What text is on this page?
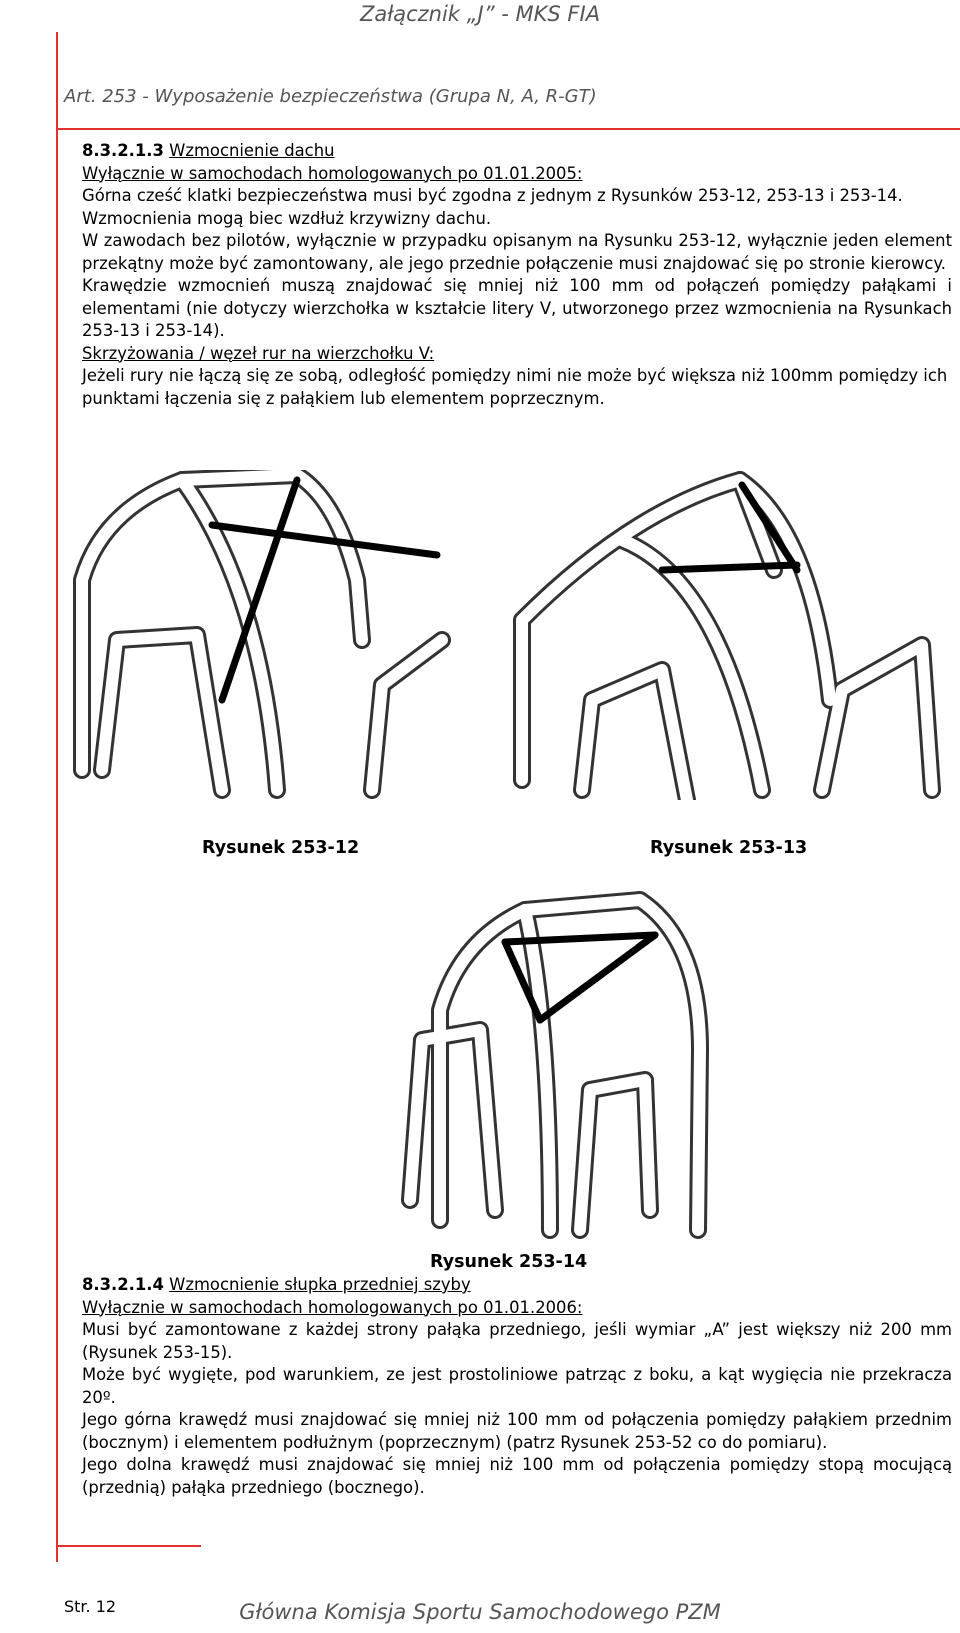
Załącznik „J” - MKS FIA
Art. 253 - Wyposażenie bezpieczeństwa (Grupa N, A, R-GT)

8.3.2.1.3 Wzmocnienie dachu

Wyłącznie w samochodach homologowanych po 01.01.2005:

Górna cześć klatki bezpieczeństwa musi być zgodna z jednym z Rysunków 253-12, 253-13 i 253-14.

Wzmocnienia mogą biec wzdłuż krzywizny dachu.

W zawodach bez pilotów, wyłącznie w przypadku opisanym na Rysunku 253-12, wyłącznie jeden element przekątny może być zamontowany, ale jego przednie połączenie musi znajdować się po stronie kierowcy.

Krawędzie wzmocnień muszą znajdować się mniej niż 100 mm od połączeń pomiędzy pałąkami i elementami (nie dotyczy wierzchołka w kształcie litery V, utworzonego przez wzmocnienia na Rysunkach 253-13 i 253-14).

Skrzyżowania / węzeł rur na wierzchołku V:

Jeżeli rury nie łączą się ze sobą, odległość pomiędzy nimi nie może być większa niż 100mm pomiędzy ich punktami łączenia się z pałąkiem lub elementem poprzecznym.

Rysunek 253-12	Rysunek 253-13
Rysunek 253-14

8.3.2.1.4 Wzmocnienie słupka przedniej szyby

Wyłącznie w samochodach homologowanych po 01.01.2006:

Musi być zamontowane z każdej strony pałąka przedniego, jeśli wymiar „A” jest większy niż 200 mm (Rysunek 253-15).

Może być wygięte, pod warunkiem, ze jest prostoliniowe patrząc z boku, a kąt wygięcia nie przekracza 20º.

Jego górna krawędź musi znajdować się mniej niż 100 mm od połączenia pomiędzy pałąkiem przednim (bocznym) i elementem podłużnym (poprzecznym) (patrz Rysunek 253-52 co do pomiaru).

Jego dolna krawędź musi znajdować się mniej niż 100 mm od połączenia pomiędzy stopą mocującą (przednią) pałąka przedniego (bocznego).

Str. 12	Główna Komisja Sportu Samochodowego PZM
